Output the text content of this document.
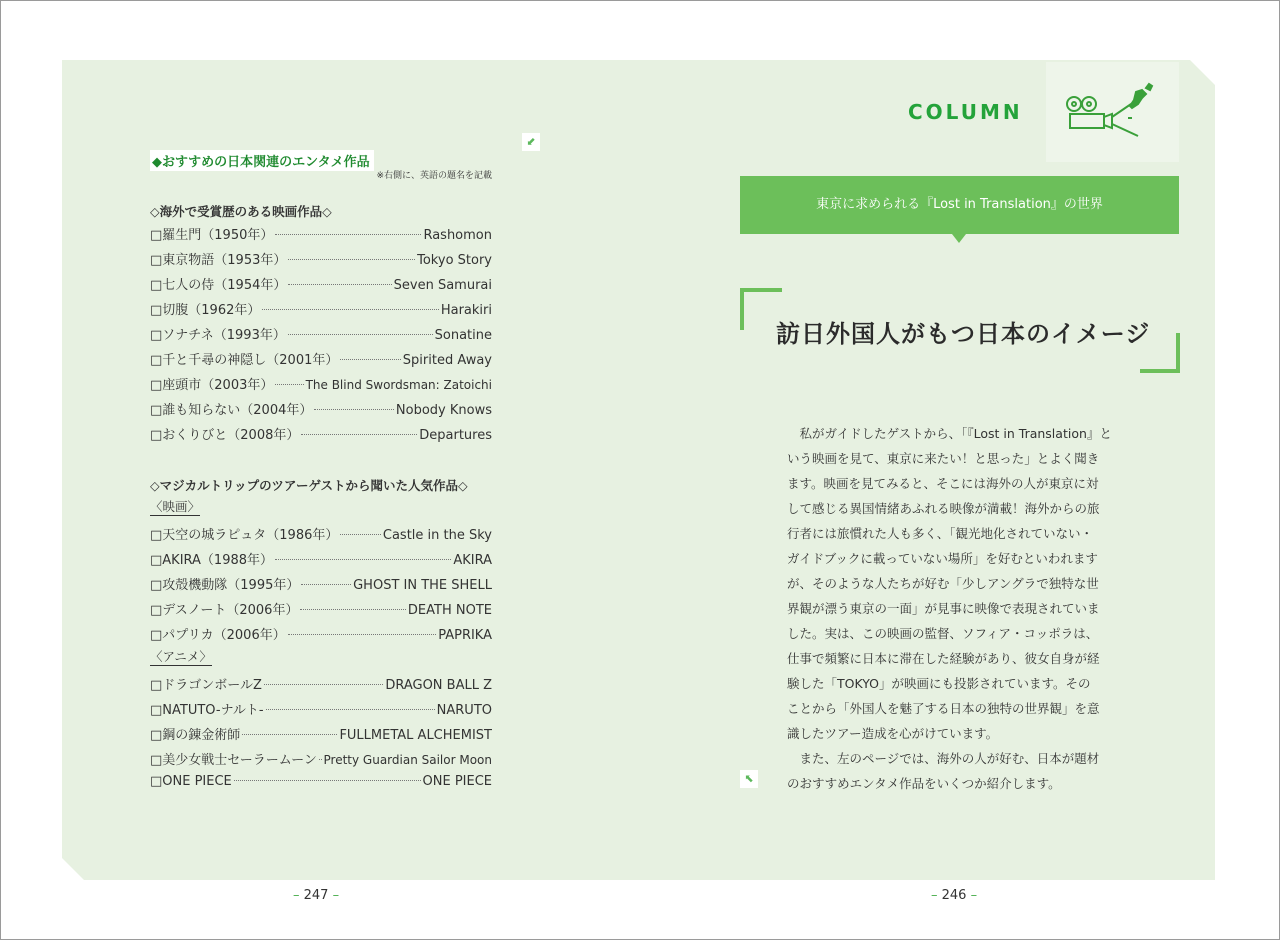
◆おすすめの日本関連のエンタメ作品
※右側に、英語の題名を記載
⬋
◇海外で受賞歴のある映画作品◇
□羅生門（1950年）	Rashomon
□東京物語（1953年）	Tokyo Story
□七人の侍（1954年）	Seven Samurai
□切腹（1962年）	Harakiri
□ソナチネ（1993年）	Sonatine
□千と千尋の神隠し（2001年）	Spirited Away
□座頭市（2003年）	The Blind Swordsman: Zatoichi
□誰も知らない（2004年）	Nobody Knows
□おくりびと（2008年）	Departures
◇マジカルトリップのツアーゲストから聞いた人気作品◇
〈映画〉
□天空の城ラピュタ（1986年）	Castle in the Sky
□AKIRA（1988年）	AKIRA
□攻殻機動隊（1995年）	GHOST IN THE SHELL
□デスノート（2006年）	DEATH NOTE
□パプリカ（2006年）	PAPRIKA
〈アニメ〉
□ドラゴンボールZ	DRAGON BALL Z
□NATUTO-ナルト-	NARUTO
□鋼の錬金術師	FULLMETAL ALCHEMIST
□美少女戦士セーラームーン Pretty Guardian Sailor Moon
□ONE PIECE	ONE PIECE
– 247 –
COLUMN
東京に求められる『Lost in Translation』の世界
訪日外国人がもつ日本のイメージ
　私がガイドしたゲストから、「『Lost in Translation』と
いう映画を見て、東京に来たい！と思った」とよく聞き
ます。映画を見てみると、そこには海外の人が東京に対
して感じる異国情緒あふれる映像が満載！海外からの旅
行者には旅慣れた人も多く、「観光地化されていない・
ガイドブックに載っていない場所」を好むといわれます
が、そのような人たちが好む「少しアングラで独特な世
界観が漂う東京の一面」が見事に映像で表現されていま
した。実は、この映画の監督、ソフィア・コッポラは、
仕事で頻繁に日本に滞在した経験があり、彼女自身が経
験した「TOKYO」が映画にも投影されています。その
ことから「外国人を魅了する日本の独特の世界観」を意
識したツアー造成を心がけています。
　また、左のページでは、海外の人が好む、日本が題材
のおすすめエンタメ作品をいくつか紹介します。
⬉
– 246 –
